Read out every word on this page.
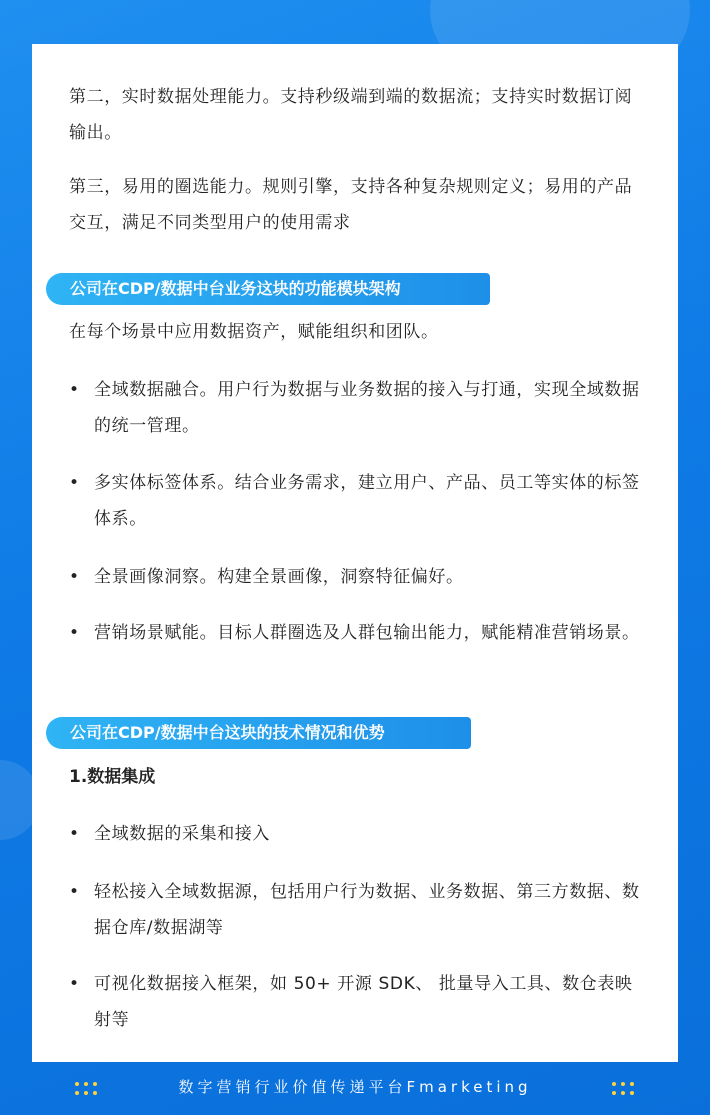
第二，实时数据处理能力。支持秒级端到端的数据流；支持实时数据订阅输出。

第三，易用的圈选能力。规则引擎，支持各种复杂规则定义；易用的产品交互，满足不同类型用户的使用需求

公司在CDP/数据中台业务这块的功能模块架构

在每个场景中应用数据资产，赋能组织和团队。

• 全域数据融合。用户行为数据与业务数据的接入与打通，实现全域数据的统一管理。
• 多实体标签体系。结合业务需求，建立用户、产品、员工等实体的标签体系。
• 全景画像洞察。构建全景画像，洞察特征偏好。
• 营销场景赋能。目标人群圈选及人群包输出能力，赋能精准营销场景。
公司在CDP/数据中台这块的技术情况和优势
1.数据集成
• 全域数据的采集和接入
• 轻松接入全域数据源，包括用户行为数据、业务数据、第三方数据、数据仓库/数据湖等
• 可视化数据接入框架，如 50+ 开源 SDK、 批量导入工具、数仓表映射等
数字营销行业价值传递平台Fmarketing
